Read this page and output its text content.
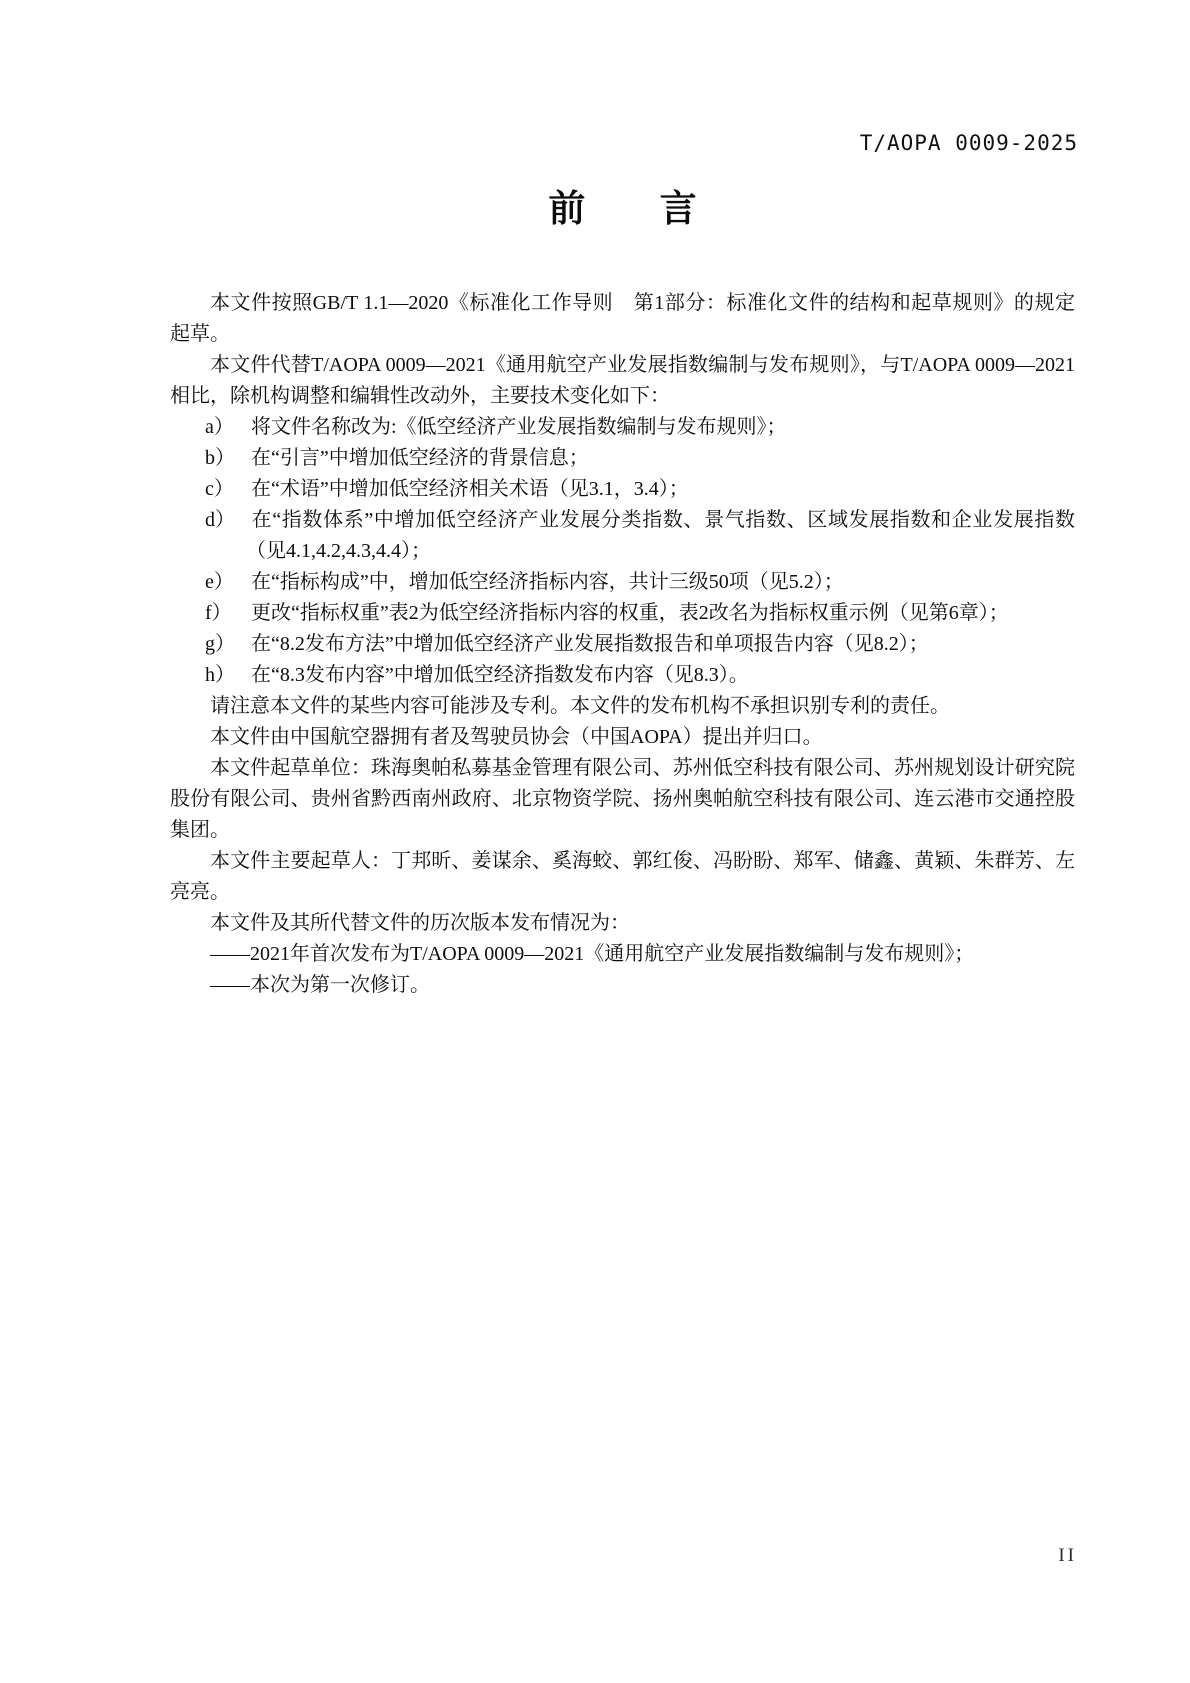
T/AOPA 0009-2025
前 言

本文件按照GB/T 1.1—2020《标准化工作导则　第1部分：标准化文件的结构和起草规则》的规定起草。

本文件代替T/AOPA 0009—2021《通用航空产业发展指数编制与发布规则》，与T/AOPA 0009—2021相比，除机构调整和编辑性改动外，主要技术变化如下：

a） 将文件名称改为:《低空经济产业发展指数编制与发布规则》；

b） 在“引言”中增加低空经济的背景信息；

c） 在“术语”中增加低空经济相关术语（见3.1，3.4）；

d） 在“指数体系”中增加低空经济产业发展分类指数、景气指数、区域发展指数和企业发展指数（见4.1,4.2,4.3,4.4）；

e） 在“指标构成”中，增加低空经济指标内容，共计三级50项（见5.2）；

f） 更改“指标权重”表2为低空经济指标内容的权重，表2改名为指标权重示例（见第6章）；

g） 在“8.2发布方法”中增加低空经济产业发展指数报告和单项报告内容（见8.2）；

h） 在“8.3发布内容”中增加低空经济指数发布内容（见8.3）。

请注意本文件的某些内容可能涉及专利。本文件的发布机构不承担识别专利的责任。

本文件由中国航空器拥有者及驾驶员协会（中国AOPA）提出并归口。

本文件起草单位：珠海奥帕私募基金管理有限公司、苏州低空科技有限公司、苏州规划设计研究院股份有限公司、贵州省黔西南州政府、北京物资学院、扬州奥帕航空科技有限公司、连云港市交通控股集团。

本文件主要起草人：丁邦昕、姜谋余、奚海蛟、郭红俊、冯盼盼、郑军、储鑫、黄颖、朱群芳、左亮亮。

本文件及其所代替文件的历次版本发布情况为：

——2021年首次发布为T/AOPA 0009—2021《通用航空产业发展指数编制与发布规则》；

——本次为第一次修订。

II
